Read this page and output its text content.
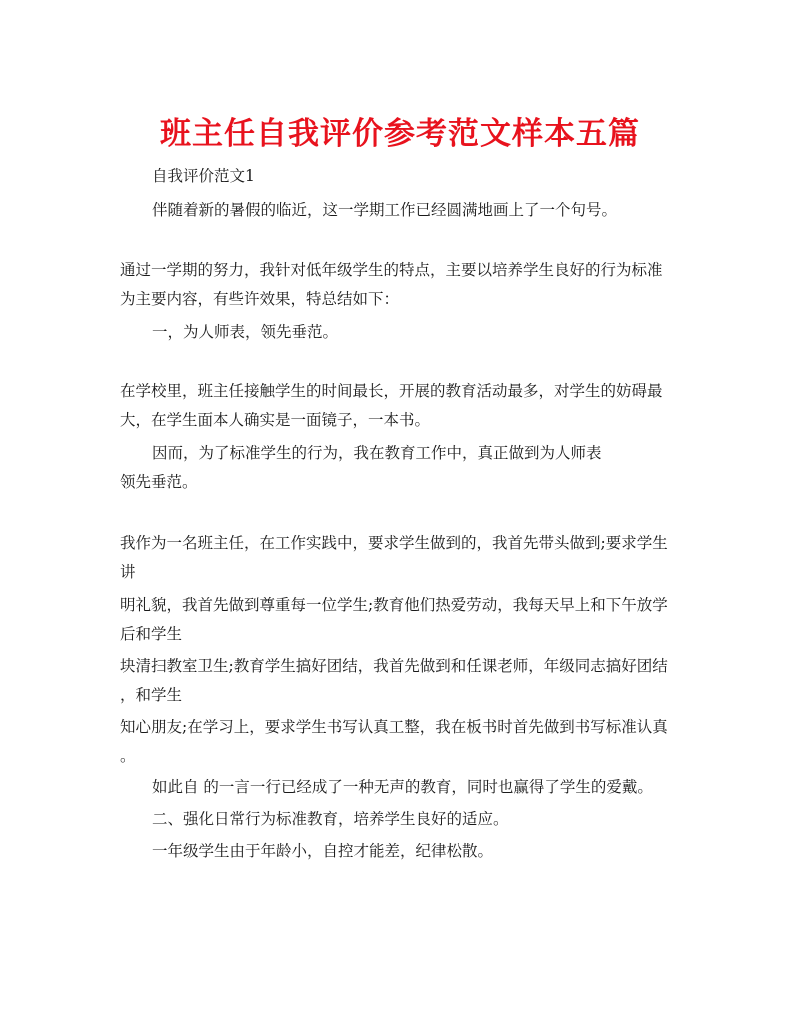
班主任自我评价参考范文样本五篇

自我评价范文1

伴随着新的暑假的临近，这一学期工作已经圆满地画上了一个句号。

通过一学期的努力，我针对低年级学生的特点，主要以培养学生良好的行为标准

为主要内容，有些许效果，特总结如下：

一，为人师表，领先垂范。

在学校里，班主任接触学生的时间最长，开展的教育活动最多，对学生的妨碍最

大，在学生面本人确实是一面镜子，一本书。

因而，为了标准学生的行为，我在教育工作中，真正做到为人师表

领先垂范。

我作为一名班主任，在工作实践中，要求学生做到的，我首先带头做到;要求学生

讲

明礼貌，我首先做到尊重每一位学生;教育他们热爱劳动，我每天早上和下午放学

后和学生

块清扫教室卫生;教育学生搞好团结，我首先做到和任课老师，年级同志搞好团结

，和学生

知心朋友;在学习上，要求学生书写认真工整，我在板书时首先做到书写标准认真

。

如此自 的一言一行已经成了一种无声的教育，同时也赢得了学生的爱戴。

二、强化日常行为标准教育，培养学生良好的适应。

一年级学生由于年龄小，自控才能差，纪律松散。
